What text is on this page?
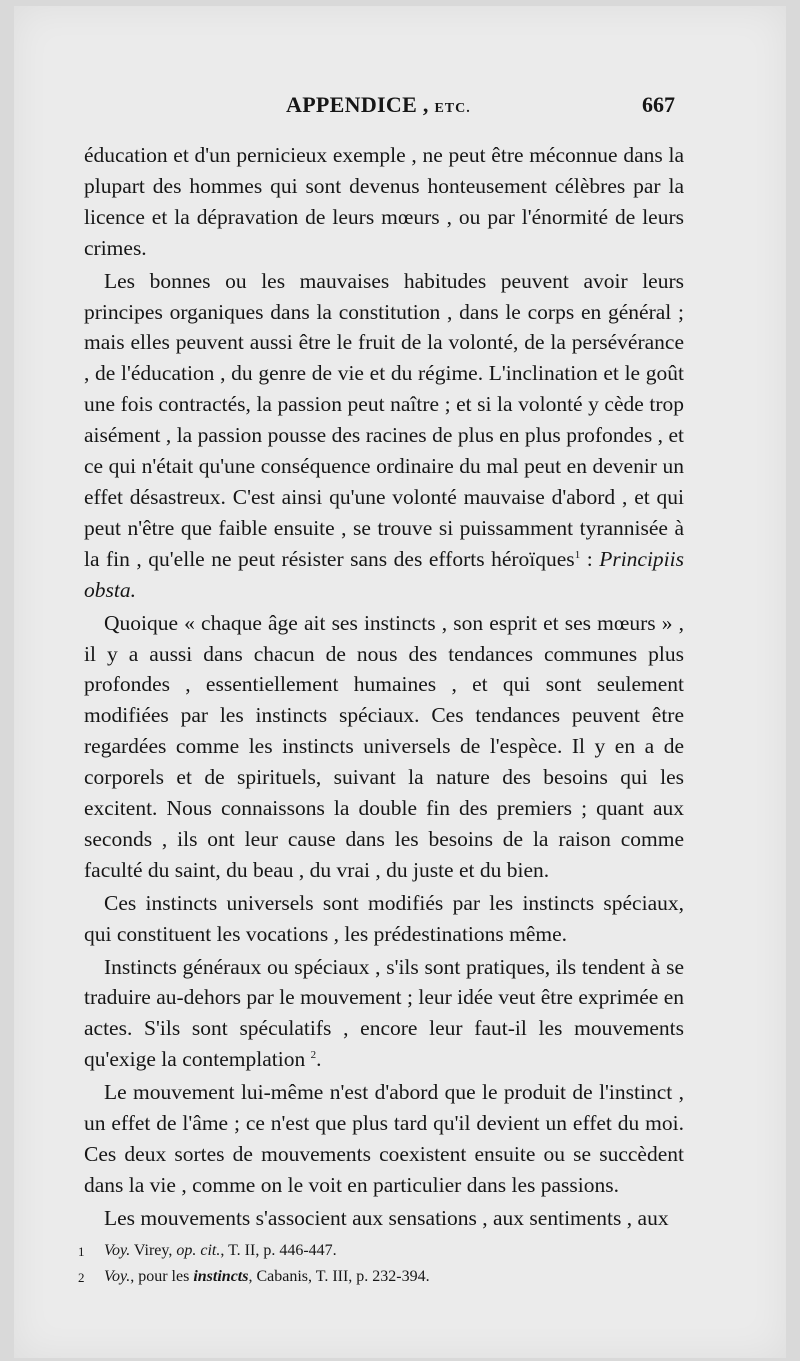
APPENDICE , ETC.	667

éducation et d'un pernicieux exemple , ne peut être méconnue dans la plupart des hommes qui sont devenus honteusement célèbres par la licence et la dépravation de leurs mœurs , ou par l'énormité de leurs crimes.

Les bonnes ou les mauvaises habitudes peuvent avoir leurs principes organiques dans la constitution , dans le corps en général ; mais elles peuvent aussi être le fruit de la volonté, de la persévérance , de l'éducation , du genre de vie et du régime. L'inclination et le goût une fois contractés, la passion peut naître ; et si la volonté y cède trop aisément , la passion pousse des racines de plus en plus profondes , et ce qui n'était qu'une conséquence ordinaire du mal peut en devenir un effet désastreux. C'est ainsi qu'une volonté mauvaise d'abord , et qui peut n'être que faible ensuite , se trouve si puissamment tyrannisée à la fin , qu'elle ne peut résister sans des efforts héroïques$^1$ : Principiis obsta.

Quoique « chaque âge ait ses instincts , son esprit et ses mœurs » , il y a aussi dans chacun de nous des tendances communes plus profondes , essentiellement humaines , et qui sont seulement modifiées par les instincts spéciaux. Ces tendances peuvent être regardées comme les instincts universels de l'espèce. Il y en a de corporels et de spirituels, suivant la nature des besoins qui les excitent. Nous connaissons la double fin des premiers ; quant aux seconds , ils ont leur cause dans les besoins de la raison comme faculté du saint, du beau , du vrai , du juste et du bien.

Ces instincts universels sont modifiés par les instincts spéciaux, qui constituent les vocations , les prédestinations même.

Instincts généraux ou spéciaux , s'ils sont pratiques, ils tendent à se traduire au-dehors par le mouvement ; leur idée veut être exprimée en actes. S'ils sont spéculatifs , encore leur faut-il les mouvements qu'exige la contemplation $^2$.

Le mouvement lui-même n'est d'abord que le produit de l'instinct , un effet de l'âme ; ce n'est que plus tard qu'il devient un effet du moi. Ces deux sortes de mouvements coexistent ensuite ou se succèdent dans la vie , comme on le voit en particulier dans les passions.

Les mouvements s'associent aux sensations , aux sentiments , aux

1	Voy. Virey, op. cit., T. II, p. 446-447.
2	Voy., pour les instincts, Cabanis, T. III, p. 232-394.
